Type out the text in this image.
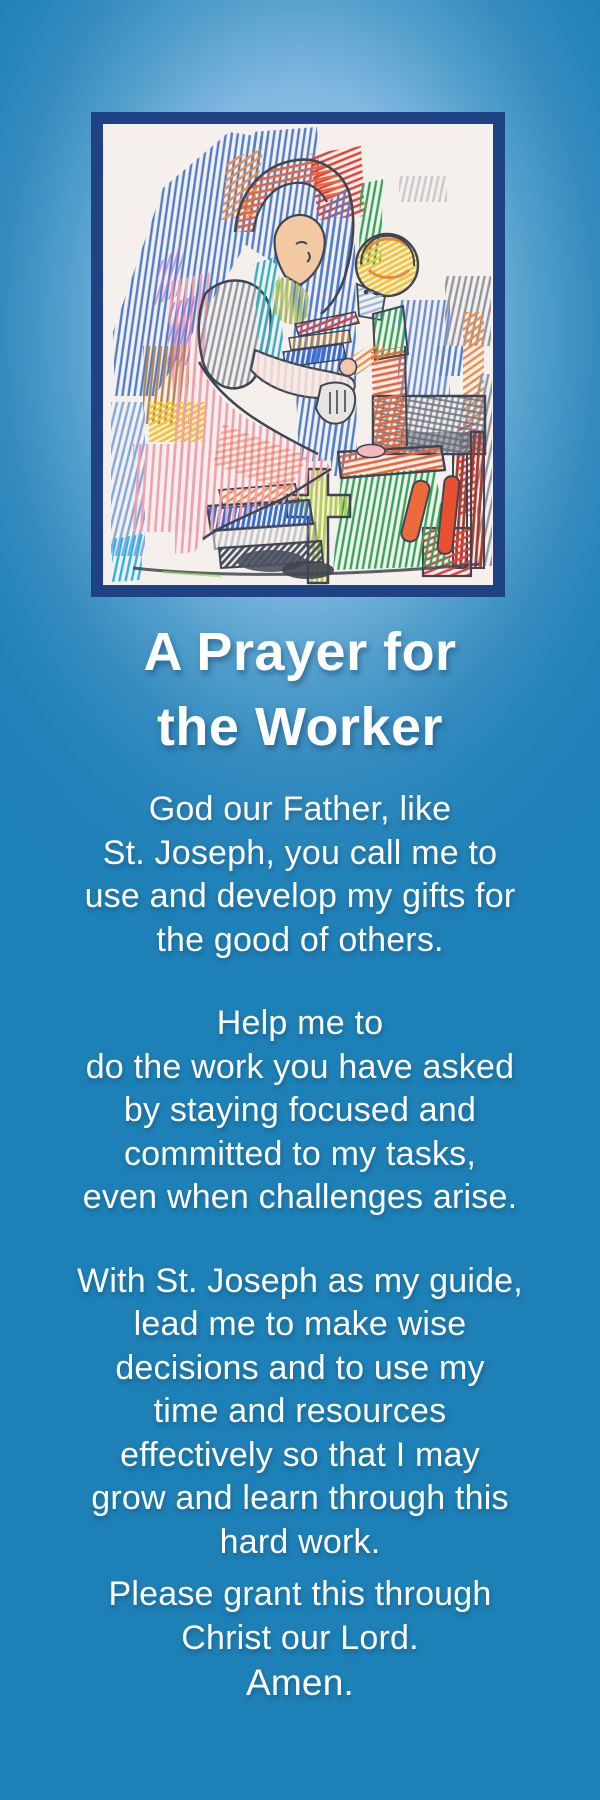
A Prayer for
the Worker

God our Father, like
St. Joseph, you call me to
use and develop my gifts for
the good of others.

Help me to
do the work you have asked
by staying focused and
committed to my tasks,
even when challenges arise.

With St. Joseph as my guide,
lead me to make wise
decisions and to use my
time and resources
effectively so that I may
grow and learn through this
hard work.

Please grant this through
Christ our Lord.

Amen.
